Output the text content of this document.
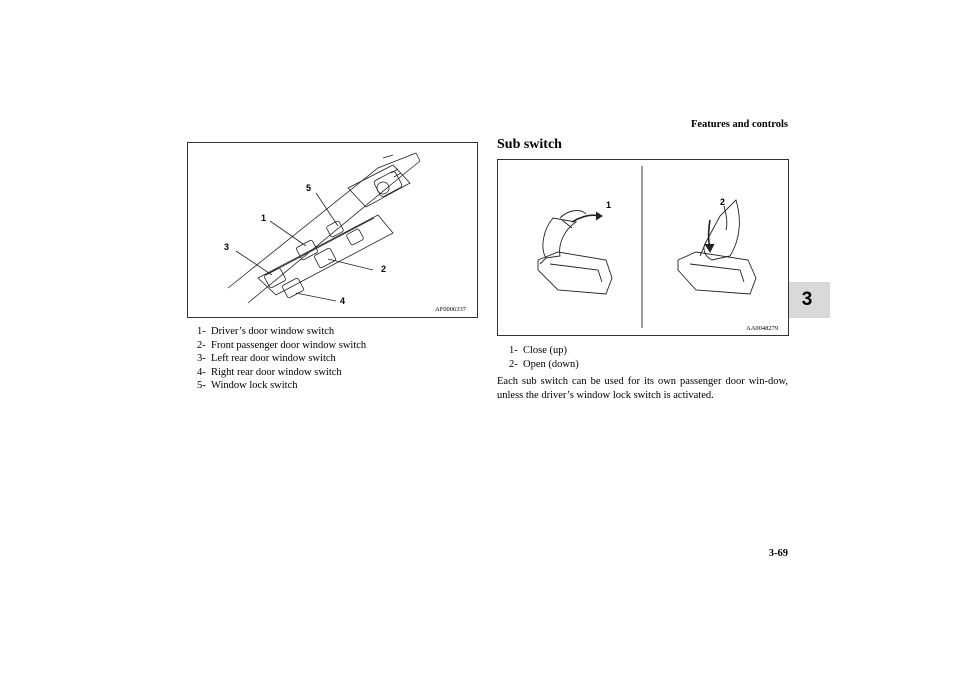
Features and controls
3
1
2
3
4
5
AF0006337
1- Driver’s door window switch
2- Front passenger door window switch
3- Left rear door window switch
4- Right rear door window switch
5- Window lock switch
Sub switch
1	2
AA0048279
1- Close (up)
2- Open (down)
Each sub switch can be used for its own passenger door win-dow, unless the driver’s window lock switch is activated.
3-69
